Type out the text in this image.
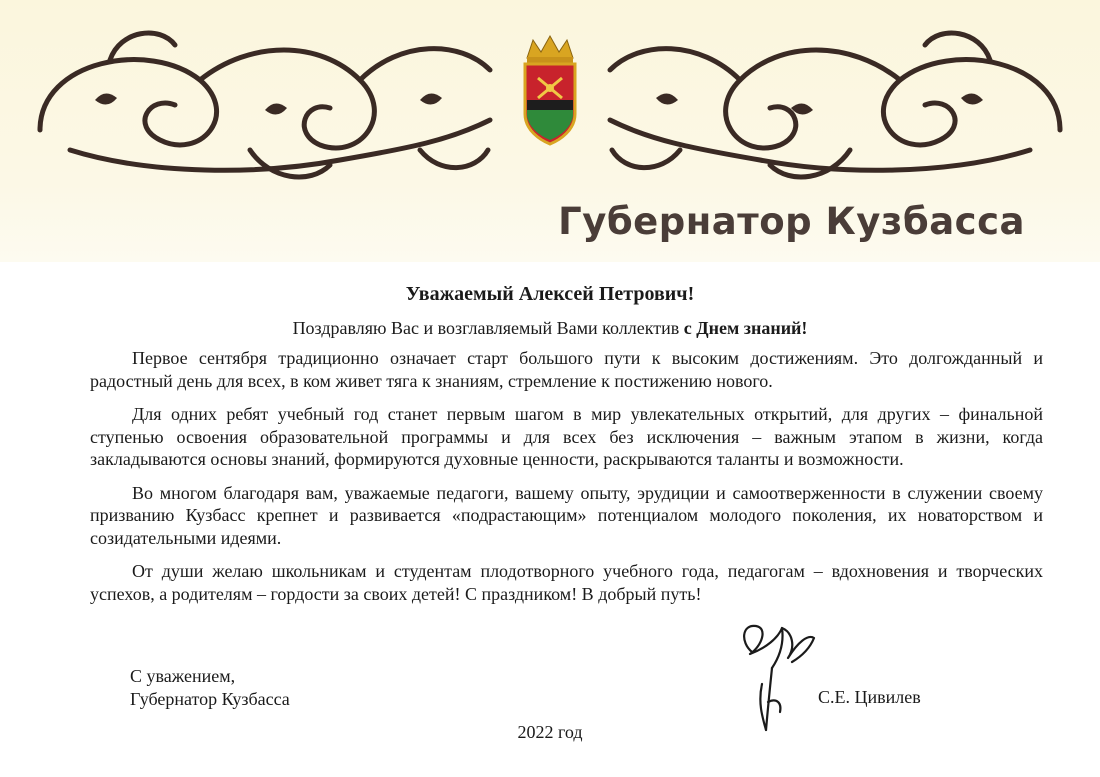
Губернатор Кузбасса
Уважаемый Алексей Петрович!
Поздравляю Вас и возглавляемый Вами коллектив с Днем знаний!

Первое сентября традиционно означает старт большого пути к высоким достижениям. Это долгожданный и радостный день для всех, в ком живет тяга к знаниям, стремление к постижению нового.

Для одних ребят учебный год станет первым шагом в мир увлекательных открытий, для других – финальной ступенью освоения образовательной программы и для всех без исключения – важным этапом в жизни, когда закладываются основы знаний, формируются духовные ценности, раскрываются таланты и возможности.

Во многом благодаря вам, уважаемые педагоги, вашему опыту, эрудиции и самоотверженности в служении своему призванию Кузбасс крепнет и развивается «подрастающим» потенциалом молодого поколения, их новаторством и созидательными идеями.

От души желаю школьникам и студентам плодотворного учебного года, педагогам – вдохновения и творческих успехов, а родителям – гордости за своих детей! С праздником! В добрый путь!

С уважением,
Губернатор Кузбасса	С.Е. Цивилев
2022 год
